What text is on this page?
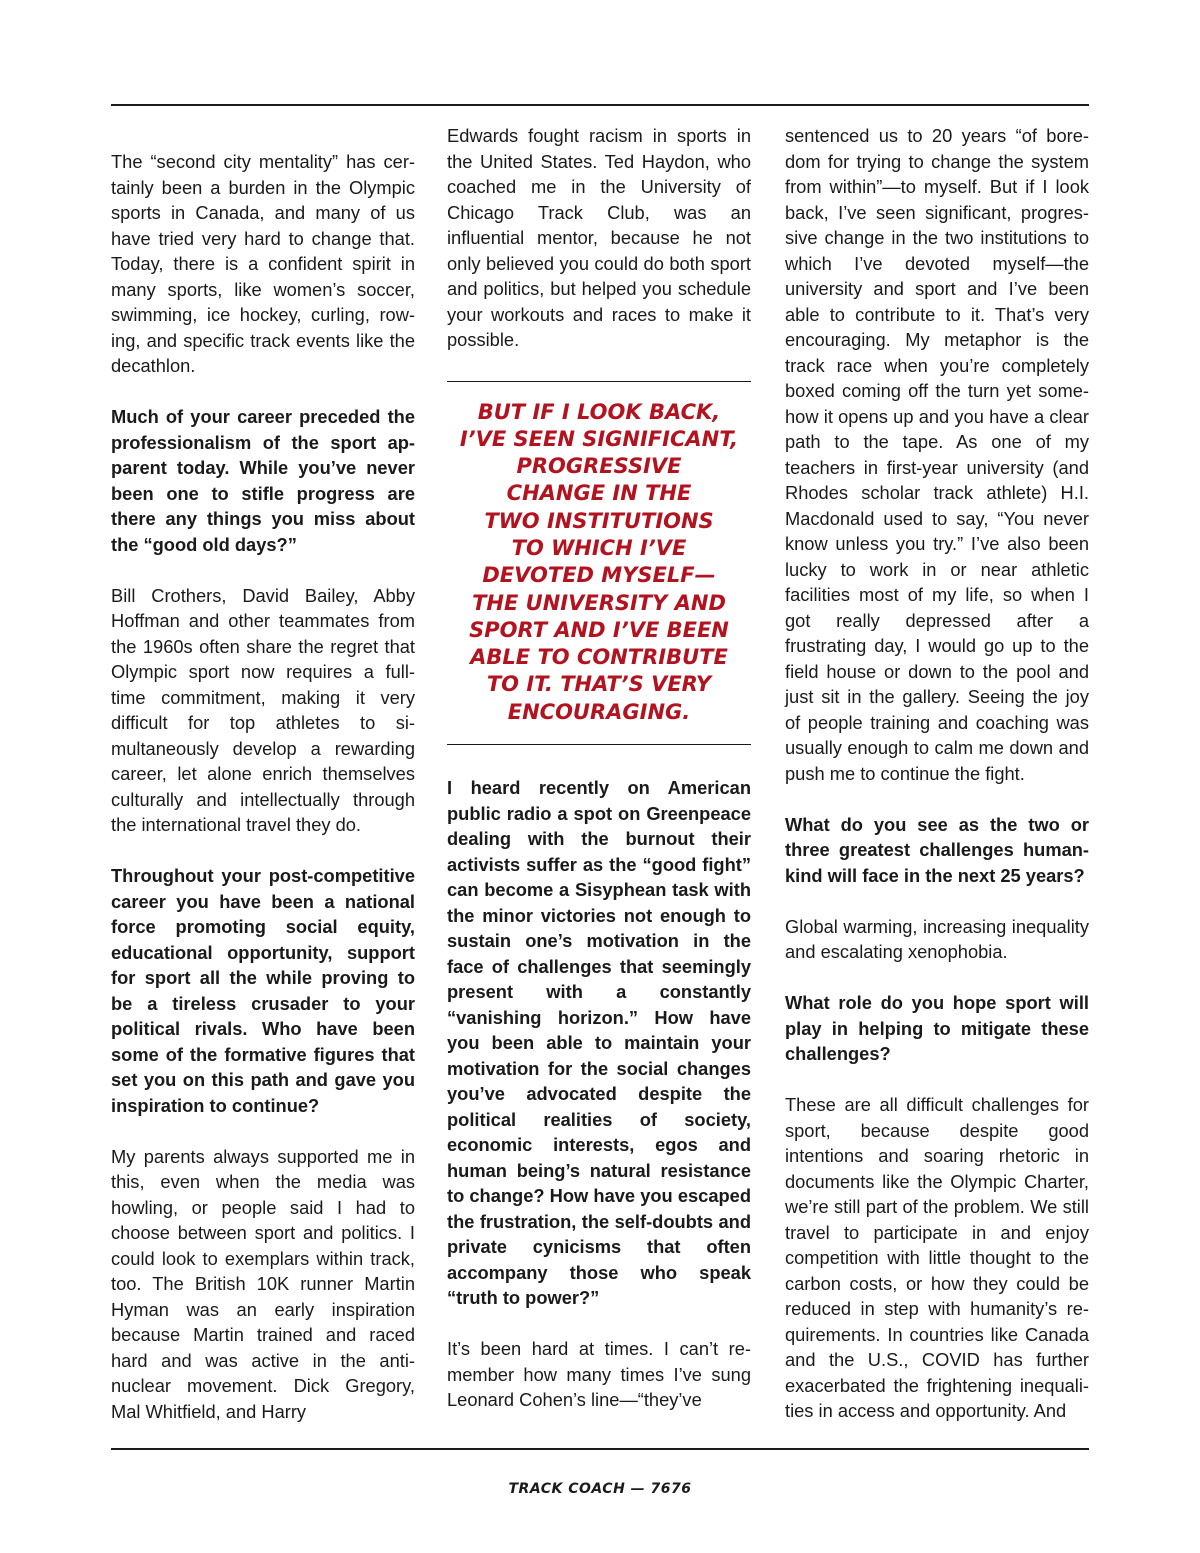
The “second city mentality” has certainly been a burden in the Olympic sports in Canada, and many of us have tried very hard to change that. Today, there is a confident spirit in many sports, like women’s soccer, swimming, ice hockey, curling, rowing, and specific track events like the decathlon.

Much of your career preceded the professionalism of the sport apparent today. While you’ve never been one to stifle progress are there any things you miss about the “good old days?”

Bill Crothers, David Bailey, Abby Hoffman and other teammates from the 1960s often share the regret that Olympic sport now requires a full-time commitment, making it very difficult for top athletes to simultaneously develop a rewarding career, let alone enrich themselves culturally and intellectually through the international travel they do.

Throughout your post-competitive career you have been a national force promoting social equity, educational opportunity, support for sport all the while proving to be a tireless crusader to your political rivals. Who have been some of the formative figures that set you on this path and gave you inspiration to continue?

My parents always supported me in this, even when the media was howling, or people said I had to choose between sport and politics. I could look to exemplars within track, too. The British 10K runner Martin Hyman was an early inspiration because Martin trained and raced hard and was active in the anti-nuclear movement. Dick Gregory, Mal Whitfield, and Harry

Edwards fought racism in sports in the United States. Ted Haydon, who coached me in the University of Chicago Track Club, was an influential mentor, because he not only believed you could do both sport and politics, but helped you schedule your workouts and races to make it possible.

BUT IF I LOOK BACK,
I’VE SEEN SIGNIFICANT,
PROGRESSIVE
CHANGE IN THE
TWO INSTITUTIONS
TO WHICH I’VE
DEVOTED MYSELF—
THE UNIVERSITY AND
SPORT AND I’VE BEEN
ABLE TO CONTRIBUTE
TO IT. THAT’S VERY
ENCOURAGING.

I heard recently on American public radio a spot on Greenpeace dealing with the burnout their activists suffer as the “good fight” can become a Sisyphean task with the minor victories not enough to sustain one’s motivation in the face of challenges that seemingly present with a constantly “vanishing horizon.” How have you been able to maintain your motivation for the social changes you’ve advocated despite the political realities of society, economic interests, egos and human being’s natural resistance to change? How have you escaped the frustration, the self-doubts and private cynicisms that often accompany those who speak “truth to power?”

It’s been hard at times. I can’t remember how many times I’ve sung Leonard Cohen’s line—“they’ve

sentenced us to 20 years “of boredom for trying to change the system from within”—to myself. But if I look back, I’ve seen significant, progressive change in the two institutions to which I’ve devoted myself—the university and sport and I’ve been able to contribute to it. That’s very encouraging. My metaphor is the track race when you’re completely boxed coming off the turn yet somehow it opens up and you have a clear path to the tape. As one of my teachers in first-year university (and Rhodes scholar track athlete) H.I. Macdonald used to say, “You never know unless you try.” I’ve also been lucky to work in or near athletic facilities most of my life, so when I got really depressed after a frustrating day, I would go up to the field house or down to the pool and just sit in the gallery. Seeing the joy of people training and coaching was usually enough to calm me down and push me to continue the fight.

What do you see as the two or three greatest challenges humankind will face in the next 25 years?

Global warming, increasing inequality and escalating xenophobia.

What role do you hope sport will play in helping to mitigate these challenges?

These are all difficult challenges for sport, because despite good intentions and soaring rhetoric in documents like the Olympic Charter, we’re still part of the problem. We still travel to participate in and enjoy competition with little thought to the carbon costs, or how they could be reduced in step with humanity’s requirements. In countries like Canada and the U.S., COVID has further exacerbated the frightening inequalities in access and opportunity. And

TRACK COACH — 7676
